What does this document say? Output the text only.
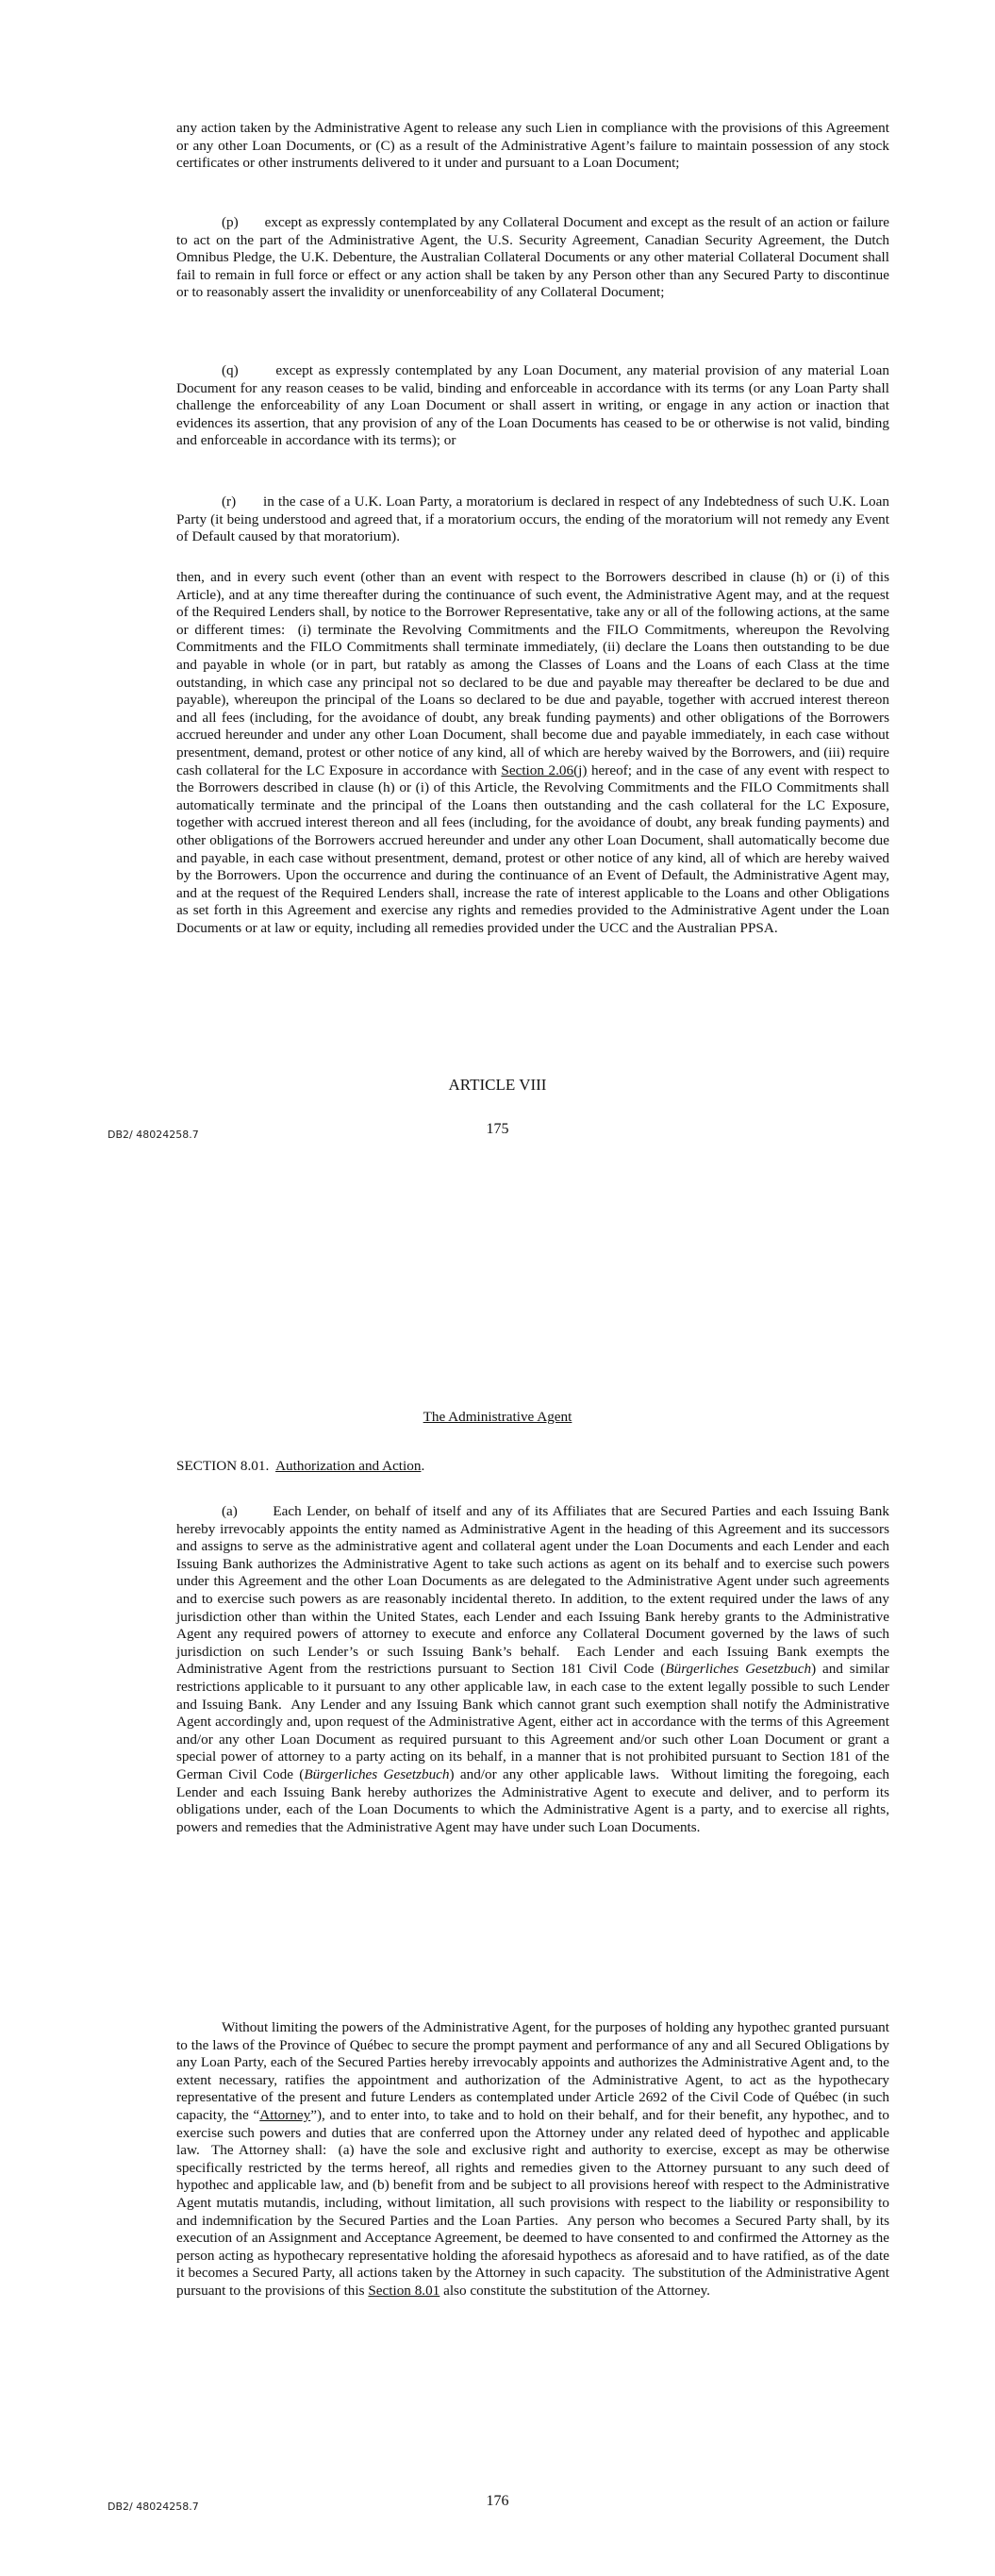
any action taken by the Administrative Agent to release any such Lien in compliance with the provisions of this Agreement or any other Loan Documents, or (C) as a result of the Administrative Agent’s failure to maintain possession of any stock certificates or other instruments delivered to it under and pursuant to a Loan Document;

(p)       except as expressly contemplated by any Collateral Document and except as the result of an action or failure to act on the part of the Administrative Agent, the U.S. Security Agreement, Canadian Security Agreement, the Dutch Omnibus Pledge, the U.K. Debenture, the Australian Collateral Documents or any other material Collateral Document shall fail to remain in full force or effect or any action shall be taken by any Person other than any Secured Party to discontinue or to reasonably assert the invalidity or unenforceability of any Collateral Document;

(q)       except as expressly contemplated by any Loan Document, any material provision of any material Loan Document for any reason ceases to be valid, binding and enforceable in accordance with its terms (or any Loan Party shall challenge the enforceability of any Loan Document or shall assert in writing, or engage in any action or inaction that evidences its assertion, that any provision of any of the Loan Documents has ceased to be or otherwise is not valid, binding and enforceable in accordance with its terms); or

(r)       in the case of a U.K. Loan Party, a moratorium is declared in respect of any Indebtedness of such U.K. Loan Party (it being understood and agreed that, if a moratorium occurs, the ending of the moratorium will not remedy any Event of Default caused by that moratorium).

then, and in every such event (other than an event with respect to the Borrowers described in clause (h) or (i) of this Article), and at any time thereafter during the continuance of such event, the Administrative Agent may, and at the request of the Required Lenders shall, by notice to the Borrower Representative, take any or all of the following actions, at the same or different times:  (i) terminate the Revolving Commitments and the FILO Commitments, whereupon the Revolving Commitments and the FILO Commitments shall terminate immediately, (ii) declare the Loans then outstanding to be due and payable in whole (or in part, but ratably as among the Classes of Loans and the Loans of each Class at the time outstanding, in which case any principal not so declared to be due and payable may thereafter be declared to be due and payable), whereupon the principal of the Loans so declared to be due and payable, together with accrued interest thereon and all fees (including, for the avoidance of doubt, any break funding payments) and other obligations of the Borrowers accrued hereunder and under any other Loan Document, shall become due and payable immediately, in each case without presentment, demand, protest or other notice of any kind, all of which are hereby waived by the Borrowers, and (iii) require cash collateral for the LC Exposure in accordance with Section 2.06(j) hereof; and in the case of any event with respect to the Borrowers described in clause (h) or (i) of this Article, the Revolving Commitments and the FILO Commitments shall automatically terminate and the principal of the Loans then outstanding and the cash collateral for the LC Exposure, together with accrued interest thereon and all fees (including, for the avoidance of doubt, any break funding payments) and other obligations of the Borrowers accrued hereunder and under any other Loan Document, shall automatically become due and payable, in each case without presentment, demand, protest or other notice of any kind, all of which are hereby waived by the Borrowers. Upon the occurrence and during the continuance of an Event of Default, the Administrative Agent may, and at the request of the Required Lenders shall, increase the rate of interest applicable to the Loans and other Obligations as set forth in this Agreement and exercise any rights and remedies provided to the Administrative Agent under the Loan Documents or at law or equity, including all remedies provided under the UCC and the Australian PPSA.

ARTICLE VIII

DB2/ 48024258.7	175

The Administrative Agent

SECTION 8.01.  Authorization and Action.

(a)       Each Lender, on behalf of itself and any of its Affiliates that are Secured Parties and each Issuing Bank hereby irrevocably appoints the entity named as Administrative Agent in the heading of this Agreement and its successors and assigns to serve as the administrative agent and collateral agent under the Loan Documents and each Lender and each Issuing Bank authorizes the Administrative Agent to take such actions as agent on its behalf and to exercise such powers under this Agreement and the other Loan Documents as are delegated to the Administrative Agent under such agreements and to exercise such powers as are reasonably incidental thereto. In addition, to the extent required under the laws of any jurisdiction other than within the United States, each Lender and each Issuing Bank hereby grants to the Administrative Agent any required powers of attorney to execute and enforce any Collateral Document governed by the laws of such jurisdiction on such Lender’s or such Issuing Bank’s behalf.  Each Lender and each Issuing Bank exempts the Administrative Agent from the restrictions pursuant to Section 181 Civil Code (Bürgerliches Gesetzbuch) and similar restrictions applicable to it pursuant to any other applicable law, in each case to the extent legally possible to such Lender and Issuing Bank.  Any Lender and any Issuing Bank which cannot grant such exemption shall notify the Administrative Agent accordingly and, upon request of the Administrative Agent, either act in accordance with the terms of this Agreement and/or any other Loan Document as required pursuant to this Agreement and/or such other Loan Document or grant a special power of attorney to a party acting on its behalf, in a manner that is not prohibited pursuant to Section 181 of the German Civil Code (Bürgerliches Gesetzbuch) and/or any other applicable laws.  Without limiting the foregoing, each Lender and each Issuing Bank hereby authorizes the Administrative Agent to execute and deliver, and to perform its obligations under, each of the Loan Documents to which the Administrative Agent is a party, and to exercise all rights, powers and remedies that the Administrative Agent may have under such Loan Documents.

Without limiting the powers of the Administrative Agent, for the purposes of holding any hypothec granted pursuant to the laws of the Province of Québec to secure the prompt payment and performance of any and all Secured Obligations by any Loan Party, each of the Secured Parties hereby irrevocably appoints and authorizes the Administrative Agent and, to the extent necessary, ratifies the appointment and authorization of the Administrative Agent, to act as the hypothecary representative of the present and future Lenders as contemplated under Article 2692 of the Civil Code of Québec (in such capacity, the “Attorney”), and to enter into, to take and to hold on their behalf, and for their benefit, any hypothec, and to exercise such powers and duties that are conferred upon the Attorney under any related deed of hypothec and applicable law.  The Attorney shall:  (a) have the sole and exclusive right and authority to exercise, except as may be otherwise specifically restricted by the terms hereof, all rights and remedies given to the Attorney pursuant to any such deed of hypothec and applicable law, and (b) benefit from and be subject to all provisions hereof with respect to the Administrative Agent mutatis mutandis, including, without limitation, all such provisions with respect to the liability or responsibility to and indemnification by the Secured Parties and the Loan Parties.  Any person who becomes a Secured Party shall, by its execution of an Assignment and Acceptance Agreement, be deemed to have consented to and confirmed the Attorney as the person acting as hypothecary representative holding the aforesaid hypothecs as aforesaid and to have ratified, as of the date it becomes a Secured Party, all actions taken by the Attorney in such capacity.  The substitution of the Administrative Agent pursuant to the provisions of this Section 8.01 also constitute the substitution of the Attorney.

DB2/ 48024258.7	176
